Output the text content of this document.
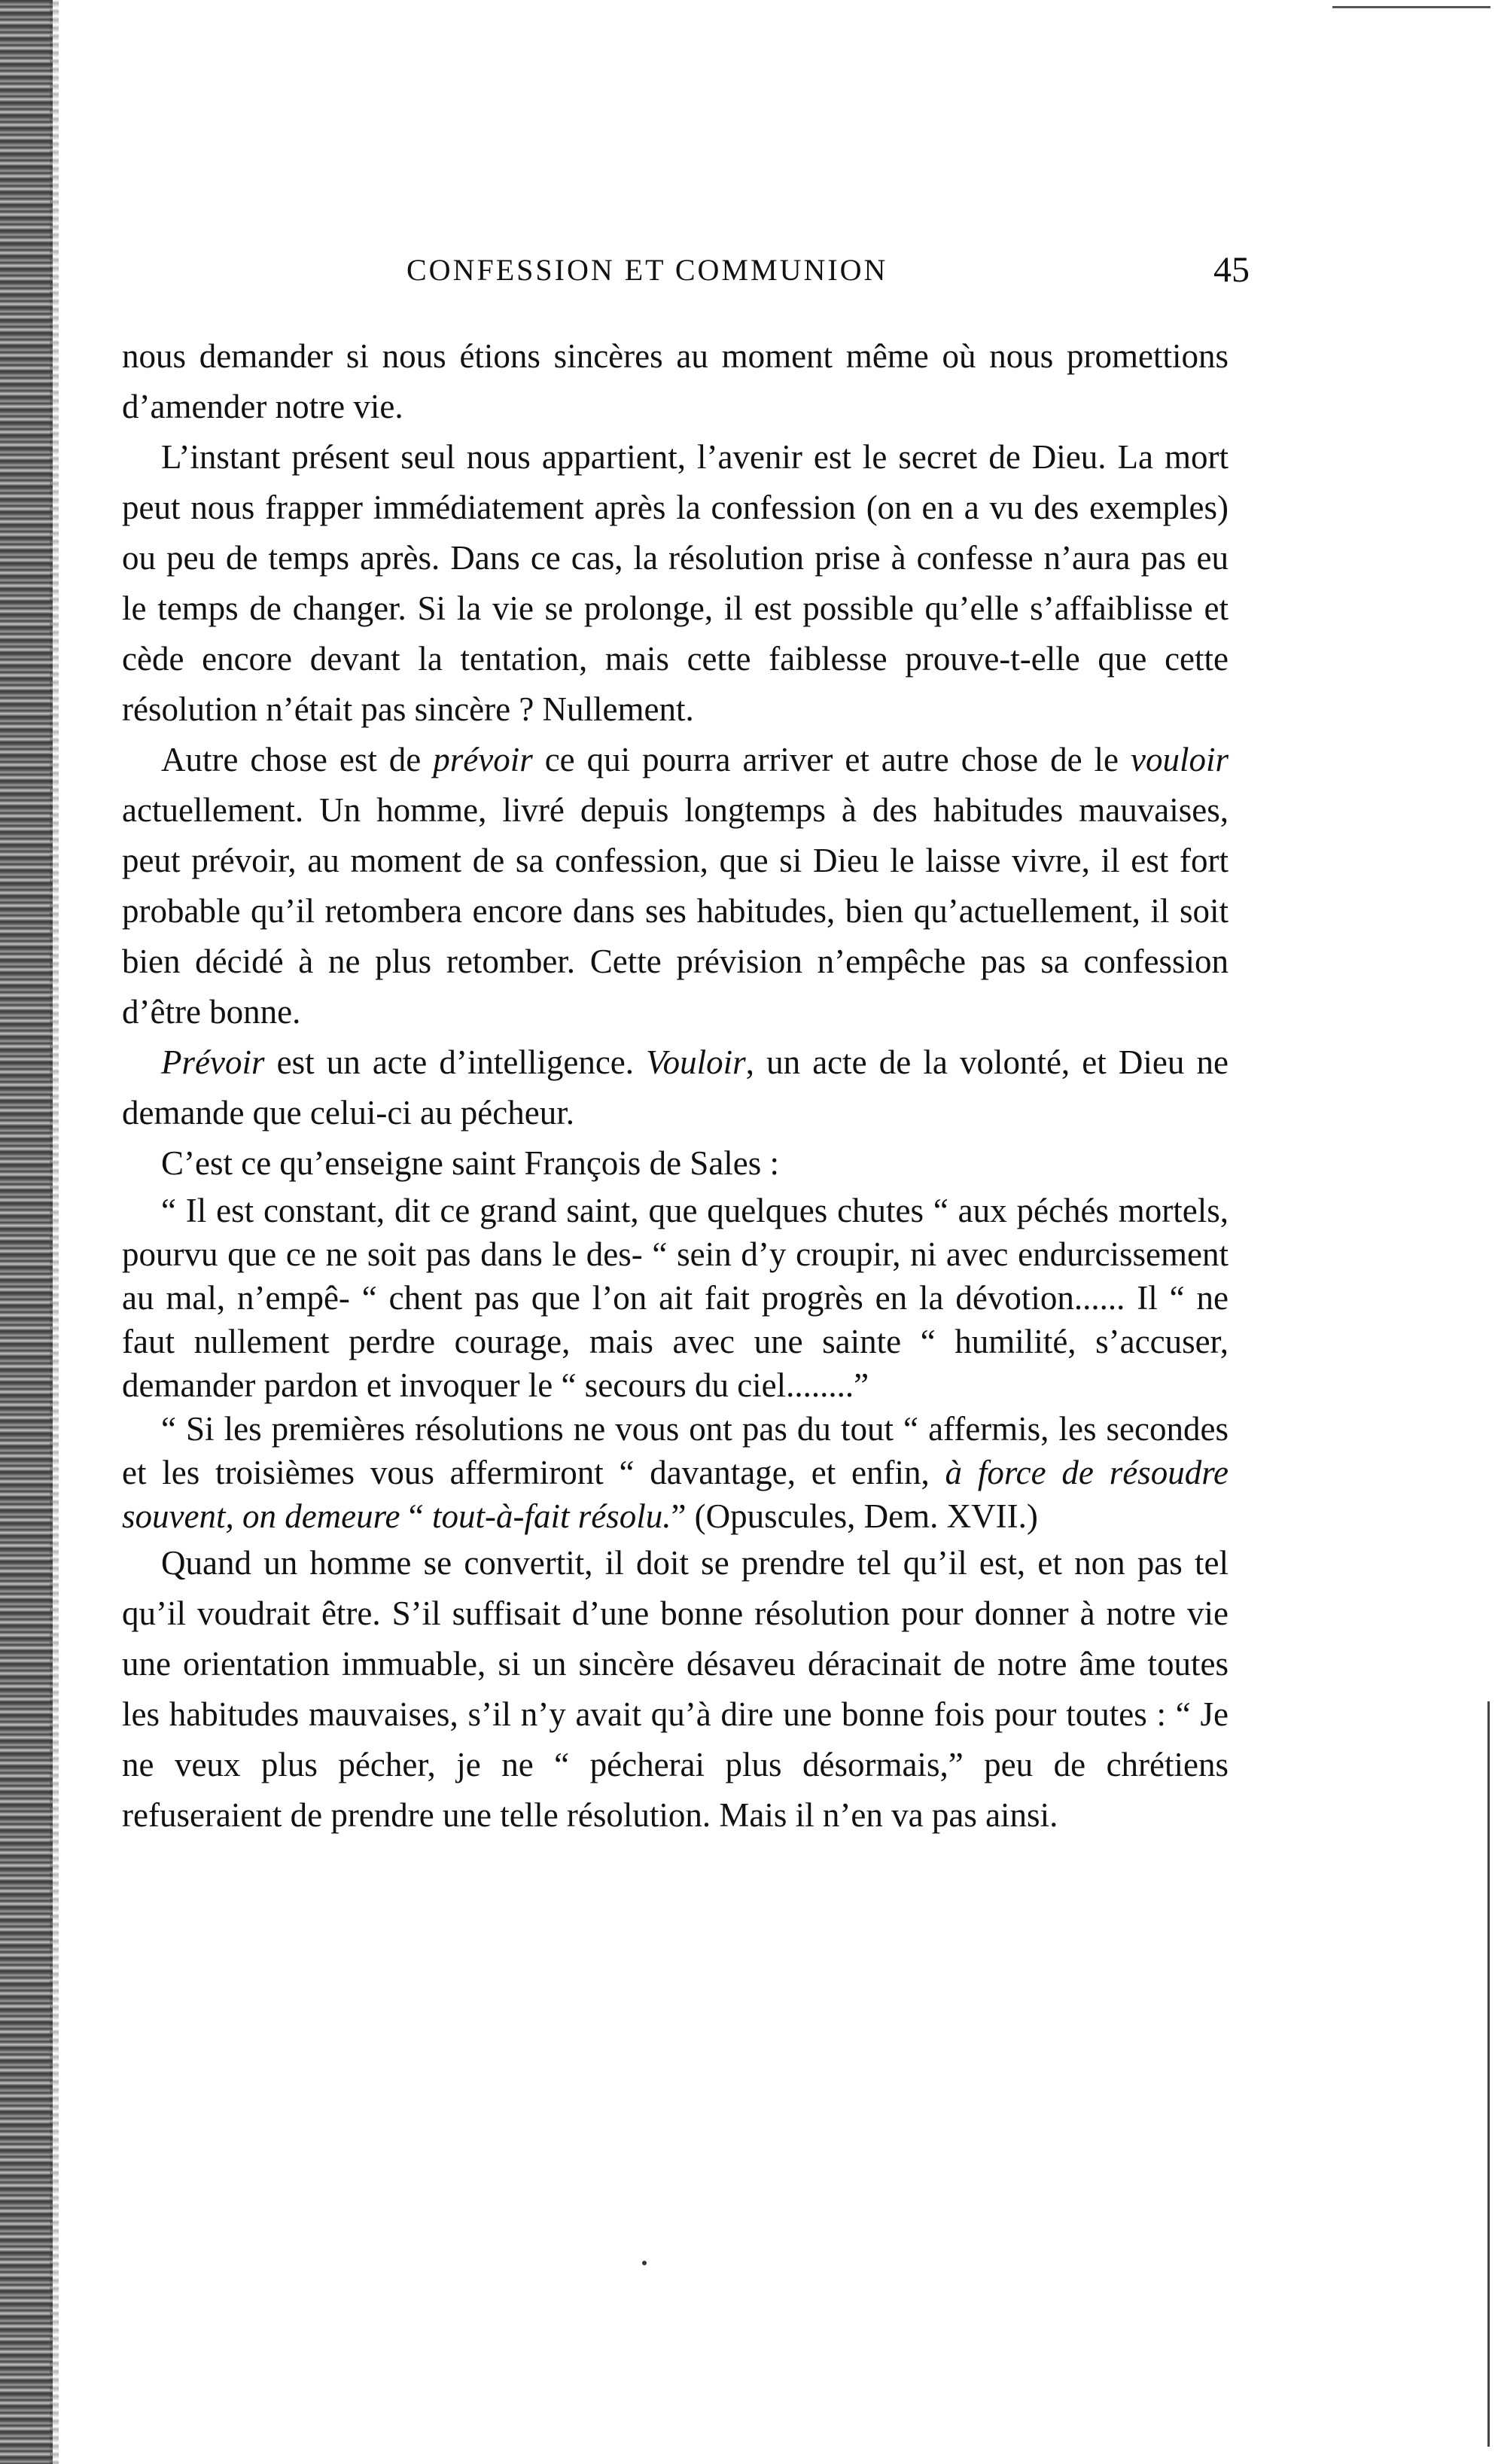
CONFESSION ET COMMUNION	45

nous demander si nous étions sincères au moment même où nous promettions d’amender notre vie.

L’instant présent seul nous appartient, l’avenir est le secret de Dieu. La mort peut nous frapper immédiatement après la confession (on en a vu des exemples) ou peu de temps après. Dans ce cas, la résolution prise à confesse n’aura pas eu le temps de changer. Si la vie se prolonge, il est possible qu’elle s’affaiblisse et cède encore devant la tentation, mais cette faiblesse prouve-t-elle que cette résolution n’était pas sincère ? Nullement.

Autre chose est de prévoir ce qui pourra arriver et autre chose de le vouloir actuellement. Un homme, livré depuis longtemps à des habitudes mauvaises, peut prévoir, au moment de sa confession, que si Dieu le laisse vivre, il est fort probable qu’il retombera encore dans ses habitudes, bien qu’actuellement, il soit bien décidé à ne plus retomber. Cette prévision n’empêche pas sa confession d’être bonne.

Prévoir est un acte d’intelligence. Vouloir, un acte de la volonté, et Dieu ne demande que celui-ci au pécheur.

C’est ce qu’enseigne saint François de Sales :

“ Il est constant, dit ce grand saint, que quelques chutes “ aux péchés mortels, pourvu que ce ne soit pas dans le des- “ sein d’y croupir, ni avec endurcissement au mal, n’empê- “ chent pas que l’on ait fait progrès en la dévotion...... Il “ ne faut nullement perdre courage, mais avec une sainte “ humilité, s’accuser, demander pardon et invoquer le “ secours du ciel........”

“ Si les premières résolutions ne vous ont pas du tout “ affermis, les secondes et les troisièmes vous affermiront “ davantage, et enfin, à force de résoudre souvent, on demeure “ tout-à-fait résolu.” (Opuscules, Dem. XVII.)

Quand un homme se convertit, il doit se prendre tel qu’il est, et non pas tel qu’il voudrait être. S’il suffisait d’une bonne résolution pour donner à notre vie une orientation immuable, si un sincère désaveu déracinait de notre âme toutes les habitudes mauvaises, s’il n’y avait qu’à dire une bonne fois pour toutes : “ Je ne veux plus pécher, je ne “ pécherai plus désormais,” peu de chrétiens refuseraient de prendre une telle résolution. Mais il n’en va pas ainsi.
